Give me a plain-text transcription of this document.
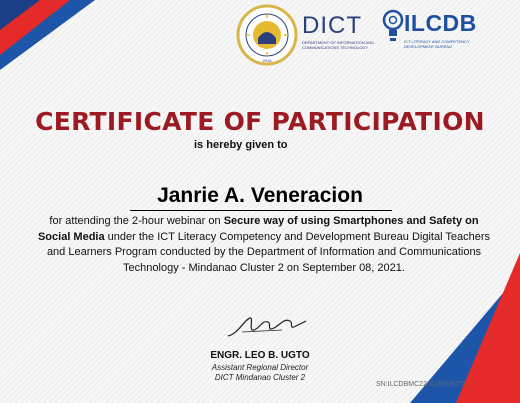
2016
DICT
DEPARTMENT OF INFORMATION AND COMMUNICATIONS TECHNOLOGY
ILCDB
ICT LITERACY AND COMPETENCY DEVELOPMENT BUREAU
CERTIFICATE OF PARTICIPATION
is hereby given to
Janrie A. Veneracion
for attending the 2-hour webinar on Secure way of using Smartphones and Safety on Social Media under the ICT Literacy Competency and Development Bureau Digital Teachers and Learners Program conducted by the Department of Information and Communications Technology - Mindanao Cluster 2 on September 08, 2021.
ENGR. LEO B. UGTO
Assistant Regional Director
DICT Mindanao Cluster 2
SN:ILCDBMC220210909373
